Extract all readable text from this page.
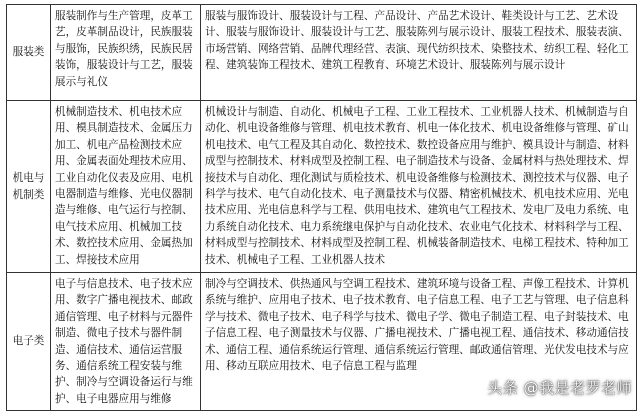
服装类	服装制作与生产管理，皮革工艺，皮革制品设计，民族服装与服饰，民族织绣，民族民居装饰，服装设计与工艺，服装展示与礼仪	服装与服饰设计、服装设计与工程、产品设计、产品艺术设计、鞋类设计与工艺、艺术设计、服装与服饰设计、服装设计与工艺、服装陈列与展示设计、服装工程技术、服装表演、市场营销、网络营销、品牌代理经营、表演、现代纺织技术、染整技术、纺织工程、轻化工程、建筑装饰工程技术、建筑工程教育、环境艺术设计、服装陈列与展示设计
机电与机制类	机械制造技术、机电技术应用、模具制造技术、金属压力加工、机电产品检测技术应用、金属表面处理技术应用、工业自动化仪表及应用、电机电器制造与维修、光电仪器制造与维修、电气运行与控制、电气技术应用、机械加工技术、数控技术应用、金属热加工、焊接技术应用	机械设计与制造、自动化、机械电子工程、工业工程技术、工业机器人技术、机械制造与自动化、机电设备维修与管理、机电技术教育、机电一体化技术、机电设备维修与管理、矿山机电技术、电气工程及其自动化、数控技术、数控设备应用与维护、模具设计与制造、材料成型与控制技术、材料成型及控制工程、电子制造技术与设备、金属材料与热处理技术、焊接技术与自动化、理化测试与质检技术、机电设备维修与检测技术、测控技术与仪器、电子科学与技术、电气自动化技术、电子测量技术与仪器、精密机械技术、机电技术应用、光电技术应用、光电信息科学与工程、供用电技术、建筑电气工程技术、发电厂及电力系统、电力系统自动化技术、电力系统继电保护与自动化技术、农业电气化技术、材料科学与工程、材料成型与控制技术、材料成型及控制工程、机械装备制造技术、电梯工程技术、特种加工技术、机械电子工程、工业机器人技术
电子类	电子与信息技术、电子技术应用、数字广播电视技术、邮政通信管理、电子材料与元器件制造、微电子技术与器件制造、通信技术、通信运营服务、通信系统工程安装与维护、制冷与空调设备运行与维护、电子电器应用与维修	制冷与空调技术、供热通风与空调工程技术、建筑环境与设备工程、声像工程技术、计算机系统与维护、应用电子技术、电子技术教育、电子信息工程、电子工艺与管理、电子信息科学与技术、微电子技术、电子科学与技术、微电子学、微电子制造工程、电子封装技术、电子信息工程、电子测量技术与仪器、广播电视技术、广播电视工程、通信技术、移动通信技术、通信工程、通信系统运行管理、通信系统运行管理、邮政通信管理、光伏发电技术与应用、移动互联应用技术、电子信息工程与监理
头条 @我是老罗老师
